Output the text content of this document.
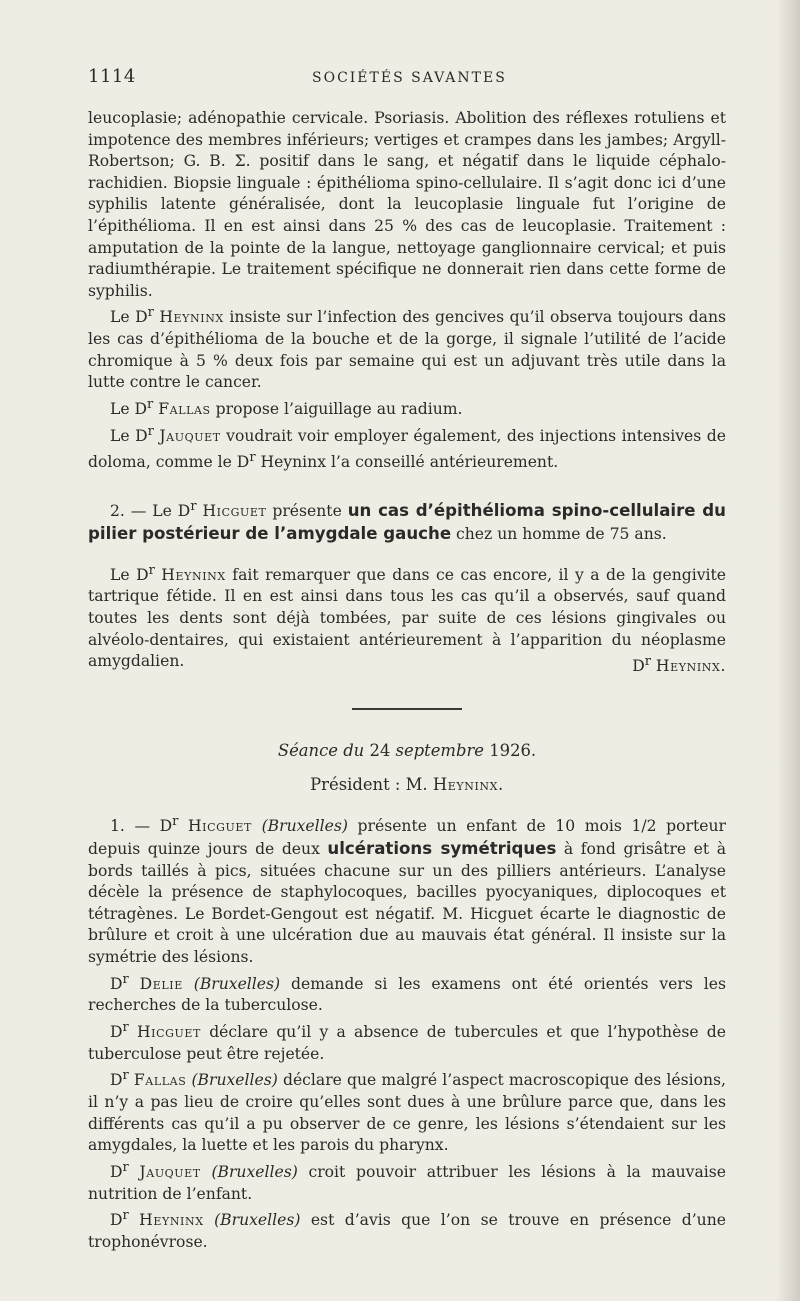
1114	SOCIÉTÉS SAVANTES

leucoplasie; adénopathie cervicale. Psoriasis. Abolition des réflexes rotuliens et impotence des membres inférieurs; vertiges et crampes dans les jambes; Argyll-Robertson; G. B. Σ. positif dans le sang, et négatif dans le liquide céphalo-rachidien. Biopsie linguale : épithélioma spino-cellulaire. Il s’agit donc ici d’une syphilis latente généralisée, dont la leucoplasie linguale fut l’origine de l’épithélioma. Il en est ainsi dans 25 % des cas de leucoplasie. Traitement : amputation de la pointe de la langue, nettoyage ganglionnaire cervical; et puis radiumthérapie. Le traitement spécifique ne donnerait rien dans cette forme de syphilis.

Le $D^r$ Heyninx insiste sur l’infection des gencives qu’il observa toujours dans les cas d’épithélioma de la bouche et de la gorge, il signale l’utilité de l’acide chromique à 5 % deux fois par semaine qui est un adjuvant très utile dans la lutte contre le cancer.

Le $D^r$ Fallas propose l’aiguillage au radium.

Le $D^r$ Jauquet voudrait voir employer également, des injections intensives de doloma, comme le $D^r$ Heynin​x l’a conseillé antérieurement.

2. — Le $D^r$ Hicguet présente un cas d’épithélioma spino-cellulaire du pilier postérieur de l’amygdale gauche chez un homme de 75 ans.

Le $D^r$ Heyninx fait remarquer que dans ce cas encore, il y a de la gengivite tartrique fétide. Il en est ainsi dans tous les cas qu’il a observés, sauf quand toutes les dents sont déjà tombées, par suite de ces lésions gingivales ou alvéolo-dentaires, qui existaient antérieurement à l’apparition du néoplasme amygdalien.	$D^r$ Heyninx.

Séance du 24 septembre 1926.
Président : M. Heyninx.

1. — $D^r$ Hicguet (Bruxelles) présente un enfant de 10 mois 1/2 porteur depuis quinze jours de deux ulcérations symétriques à fond grisâtre et à bords taillés à pics, situées chacune sur un des pilliers antérieurs. L’analyse décèle la présence de staphylocoques, bacilles pyocyaniques, diplocoques et tétragènes. Le Bordet-Gengout est négatif. M. Hicguet écarte le diagnostic de brûlure et croit à une ulcération due au mauvais état général. Il insiste sur la symétrie des lésions.

$D^r$ Delie (Bruxelles) demande si les examens ont été orientés vers les recherches de la tuberculose.

$D^r$ Hicguet déclare qu’il y a absence de tubercules et que l’hypothèse de tuberculose peut être rejetée.

$D^r$ Fallas (Bruxelles) déclare que malgré l’aspect macroscopique des lésions, il n’y a pas lieu de croire qu’elles sont dues à une brûlure parce que, dans les différents cas qu’il a pu observer de ce genre, les lésions s’étendaient sur les amygdales, la luette et les parois du pharynx.

$D^r$ Jauquet (Bruxelles) croit pouvoir attribuer les lésions à la mauvaise nutrition de l’enfant.

$D^r$ Heyninx (Bruxelles) est d’avis que l’on se trouve en présence d’une trophonévrose.
